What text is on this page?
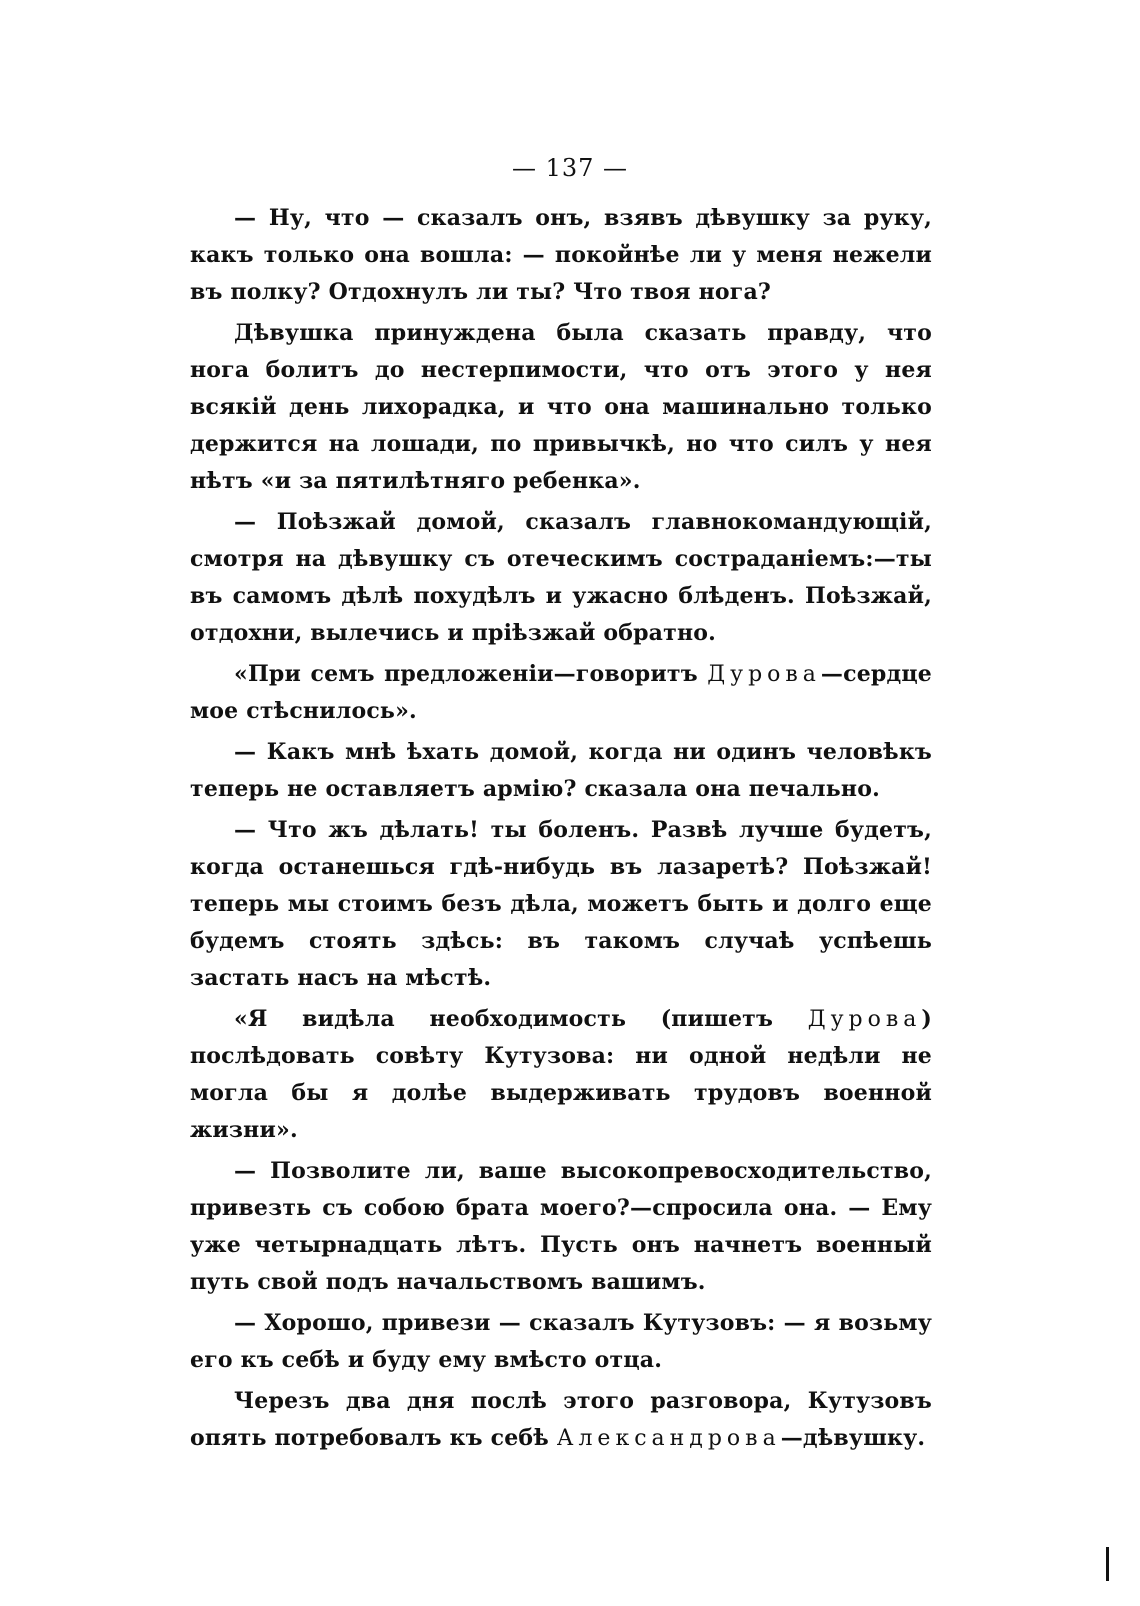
— 137 —

— Ну, что — сказалъ онъ, взявъ дѣвушку за руку, какъ только она вошла: — покойнѣе ли у меня нежели въ полку? Отдохнулъ ли ты? Что твоя нога?

Дѣвушка принуждена была сказать правду, что нога болитъ до нестерпимости, что отъ этого у нея всякій день лихорадка, и что она машинально только держится на лошади, по привычкѣ, но что силъ у нея нѣтъ «и за пятилѣтняго ребенка».

— Поѣзжай домой, сказалъ главнокомандующій, смотря на дѣвушку съ отеческимъ состраданіемъ:—ты въ самомъ дѣлѣ похудѣлъ и ужасно блѣденъ. Поѣзжай, отдохни, вылечись и пріѣзжай обратно.

«При семъ предложеніи—говоритъ Дурова—сердце мое стѣснилось».

— Какъ мнѣ ѣхать домой, когда ни одинъ человѣкъ теперь не оставляетъ армію? сказала она печально.

— Что жъ дѣлать! ты боленъ. Развѣ лучше будетъ, когда останешься гдѣ-нибудь въ лазаретѣ? Поѣзжай! теперь мы стоимъ безъ дѣла, можетъ быть и долго еще будемъ стоять здѣсь: въ такомъ случаѣ успѣешь застать насъ на мѣстѣ.

«Я видѣла необходимость (пишетъ Дурова) послѣдовать совѣту Кутузова: ни одной недѣли не могла бы я долѣе выдерживать трудовъ военной жизни».

— Позволите ли, ваше высокопревосходительство, привезть съ собою брата моего?—спросила она. — Ему уже четырнадцать лѣтъ. Пусть онъ начнетъ военный путь свой подъ начальствомъ вашимъ.

— Хорошо, привези — сказалъ Кутузовъ: — я возьму его къ себѣ и буду ему вмѣсто отца.

Черезъ два дня послѣ этого разговора, Кутузовъ опять потребовалъ къ себѣ Александрова—дѣвушку.
